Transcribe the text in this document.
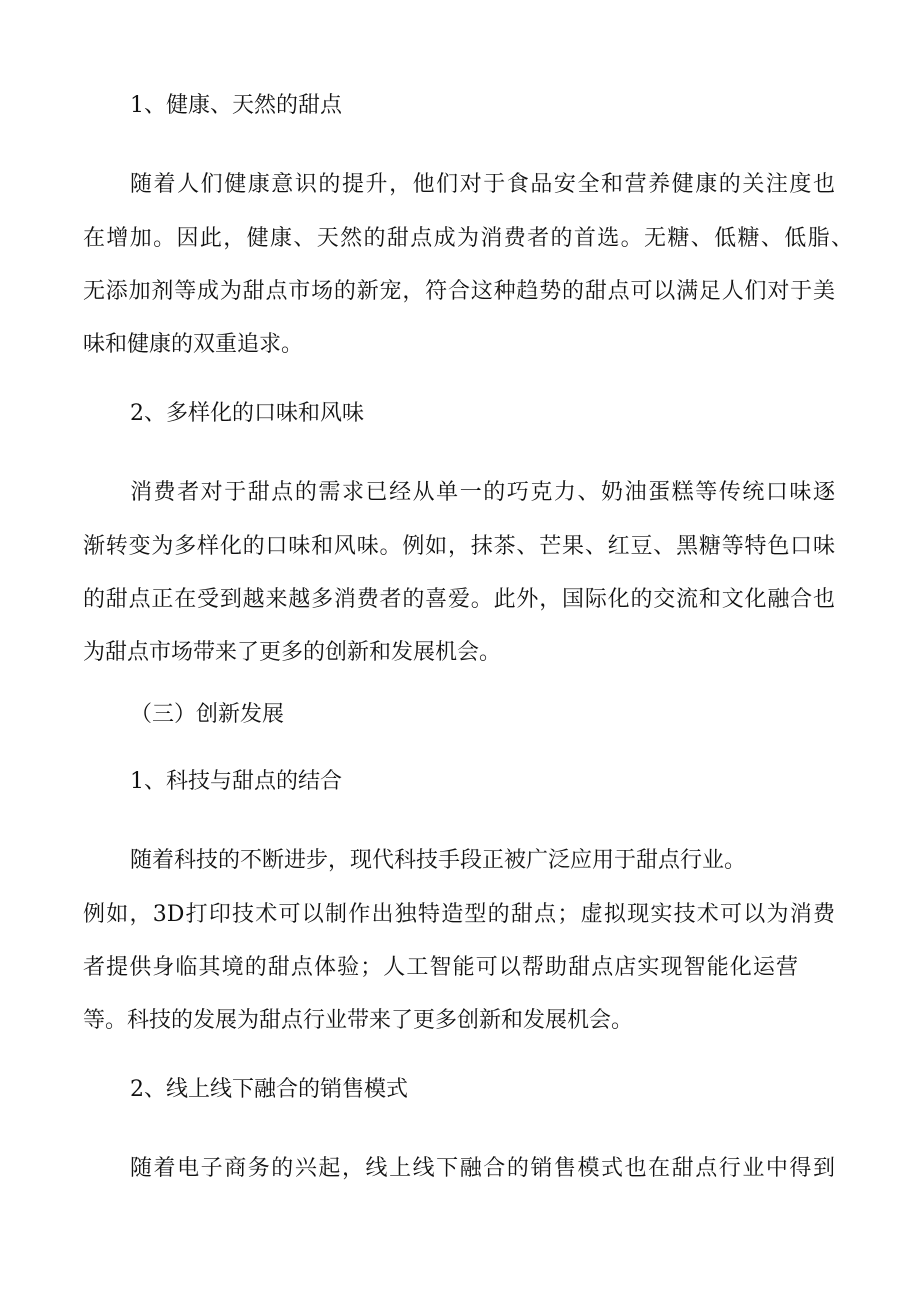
1、健康、天然的甜点
随着人们健康意识的提升，他们对于食品安全和营养健康的关注度也
在增加。因此，健康、天然的甜点成为消费者的首选。无糖、低糖、低脂、
无添加剂等成为甜点市场的新宠，符合这种趋势的甜点可以满足人们对于美
味和健康的双重追求。
2、多样化的口味和风味
消费者对于甜点的需求已经从单一的巧克力、奶油蛋糕等传统口味逐
渐转变为多样化的口味和风味。例如，抹茶、芒果、红豆、黑糖等特色口味
的甜点正在受到越来越多消费者的喜爱。此外，国际化的交流和文化融合也
为甜点市场带来了更多的创新和发展机会。
（三）创新发展
1、科技与甜点的结合
随着科技的不断进步，现代科技手段正被广泛应用于甜点行业。
例如，3D打印技术可以制作出独特造型的甜点；虚拟现实技术可以为消费
者提供身临其境的甜点体验；人工智能可以帮助甜点店实现智能化运营
等。科技的发展为甜点行业带来了更多创新和发展机会。
2、线上线下融合的销售模式
随着电子商务的兴起，线上线下融合的销售模式也在甜点行业中得到
